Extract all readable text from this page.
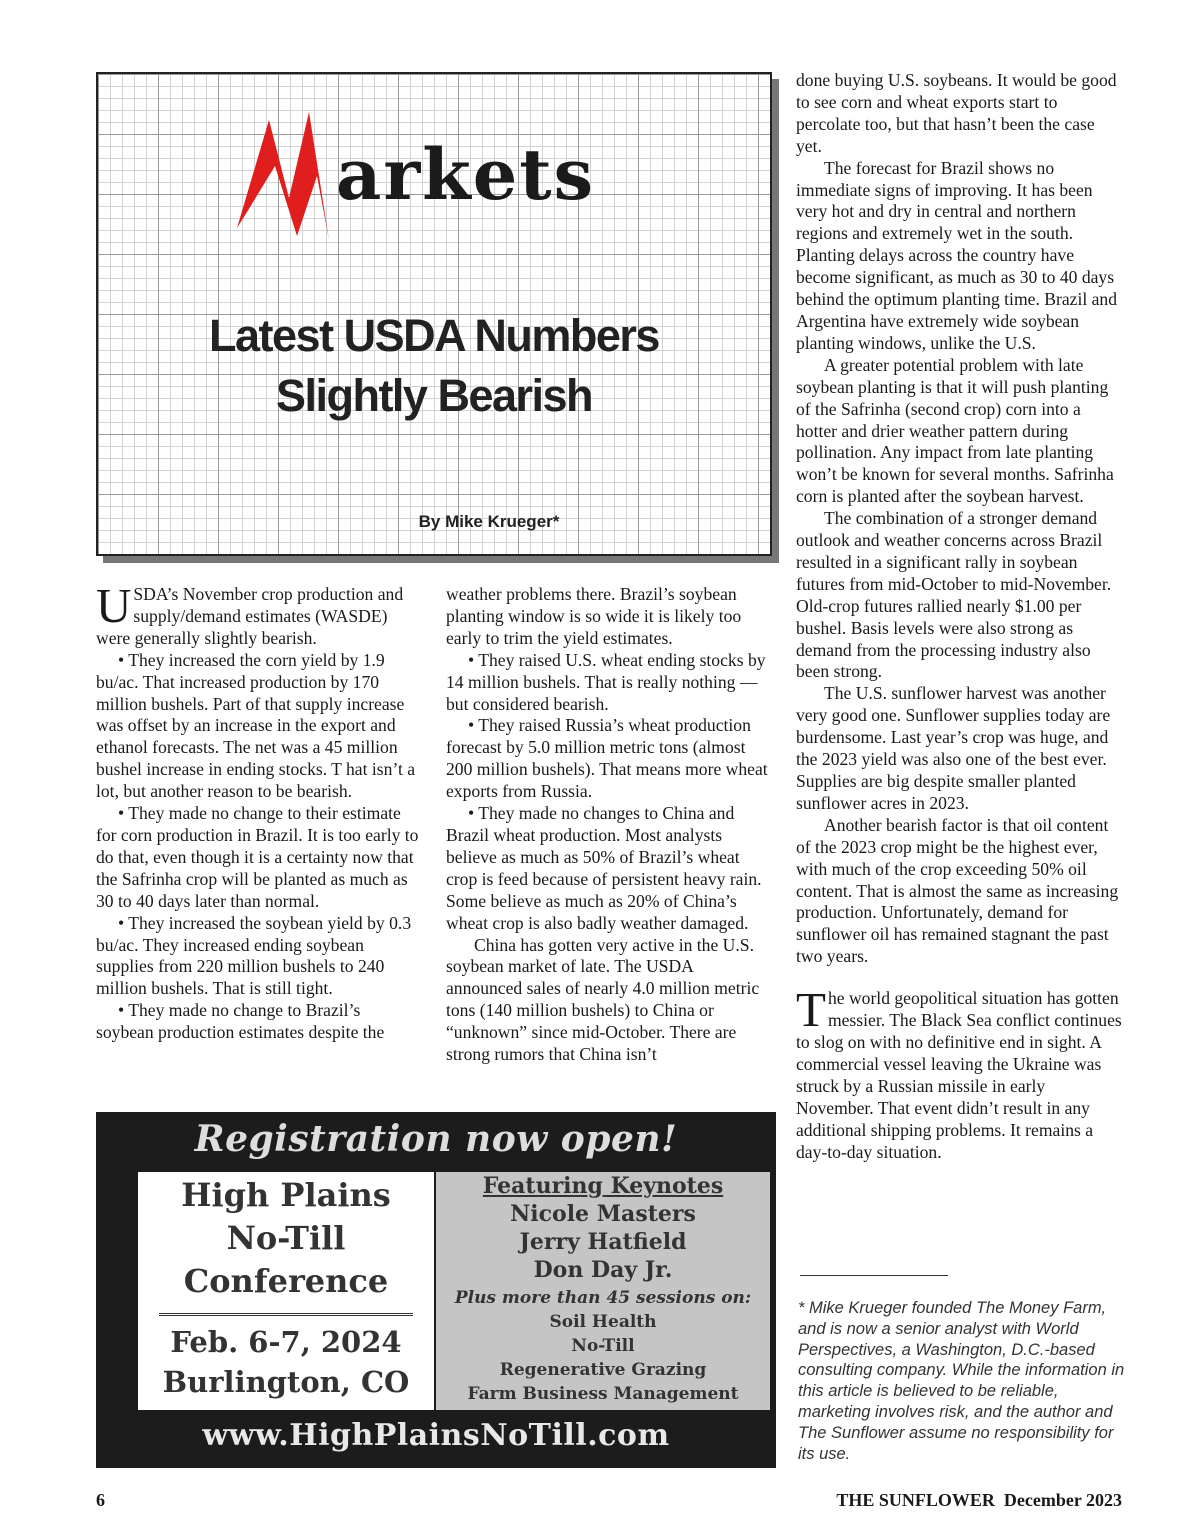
arkets
Latest USDA Numbers
Slightly Bearish
By Mike Krueger*

USDA’s November crop production and supply/demand estimates (WASDE) were generally slightly bearish.

• They increased the corn yield by 1.9 bu/ac. That increased production by 170 million bushels. Part of that supply increase was offset by an increase in the export and ethanol forecasts. The net was a 45 million bushel increase in ending stocks. T hat isn’t a lot, but another reason to be bearish.

• They made no change to their estimate for corn production in Brazil. It is too early to do that, even though it is a certainty now that the Safrinha crop will be planted as much as 30 to 40 days later than normal.

• They increased the soybean yield by 0.3 bu/ac. They increased ending soybean supplies from 220 million bushels to 240 million bushels. That is still tight.

• They made no change to Brazil’s soybean production estimates despite the

weather problems there. Brazil’s soybean planting window is so wide it is likely too early to trim the yield estimates.

• They raised U.S. wheat ending stocks by 14 million bushels. That is really nothing — but considered bearish.

• They raised Russia’s wheat production forecast by 5.0 million metric tons (almost 200 million bushels). That means more wheat exports from Russia.

• They made no changes to China and Brazil wheat production. Most analysts believe as much as 50% of Brazil’s wheat crop is feed because of persistent heavy rain. Some believe as much as 20% of China’s wheat crop is also badly weather damaged.

China has gotten very active in the U.S. soybean market of late. The USDA announced sales of nearly 4.0 million metric tons (140 million bushels) to China or “unknown” since mid-October. There are strong rumors that China isn’t

done buying U.S. soybeans. It would be good to see corn and wheat exports start to percolate too, but that hasn’t been the case yet.

The forecast for Brazil shows no immediate signs of improving. It has been very hot and dry in central and northern regions and extremely wet in the south. Planting delays across the country have become significant, as much as 30 to 40 days behind the optimum planting time. Brazil and Argentina have extremely wide soybean planting windows, unlike the U.S.

A greater potential problem with late soybean planting is that it will push planting of the Safrinha (second crop) corn into a hotter and drier weather pattern during pollination. Any impact from late planting won’t be known for several months. Safrinha corn is planted after the soybean harvest.

The combination of a stronger demand outlook and weather concerns across Brazil resulted in a significant rally in soybean futures from mid-October to mid-November. Old-crop futures rallied nearly $1.00 per bushel. Basis levels were also strong as demand from the processing industry also been strong.

The U.S. sunflower harvest was another very good one. Sunflower supplies today are burdensome. Last year’s crop was huge, and the 2023 yield was also one of the best ever. Supplies are big despite smaller planted sunflower acres in 2023.

Another bearish factor is that oil content of the 2023 crop might be the highest ever, with much of the crop exceeding 50% oil content. That is almost the same as increasing production. Unfortunately, demand for sunflower oil has remained stagnant the past two years.

The world geopolitical situation has gotten messier. The Black Sea conflict continues to slog on with no definitive end in sight. A commercial vessel leaving the Ukraine was struck by a Russian missile in early November. That event didn’t result in any additional shipping problems. It remains a day-to-day situation.

* Mike Krueger founded The Money Farm, and is now a senior analyst with World Perspectives, a Washington, D.C.-based consulting company. While the information in this article is believed to be reliable, marketing involves risk, and the author and The Sunflower assume no responsibility for its use.
Registration now open!
High Plains
No-Till
Conference
Feb. 6-7, 2024
Burlington, CO
Featuring Keynotes
Nicole Masters
Jerry Hatfield
Don Day Jr.
Plus more than 45 sessions on:
Soil Health
No-Till
Regenerative Grazing
Farm Business Management
www.HighPlainsNoTill.com
6	THE SUNFLOWER  December 2023
